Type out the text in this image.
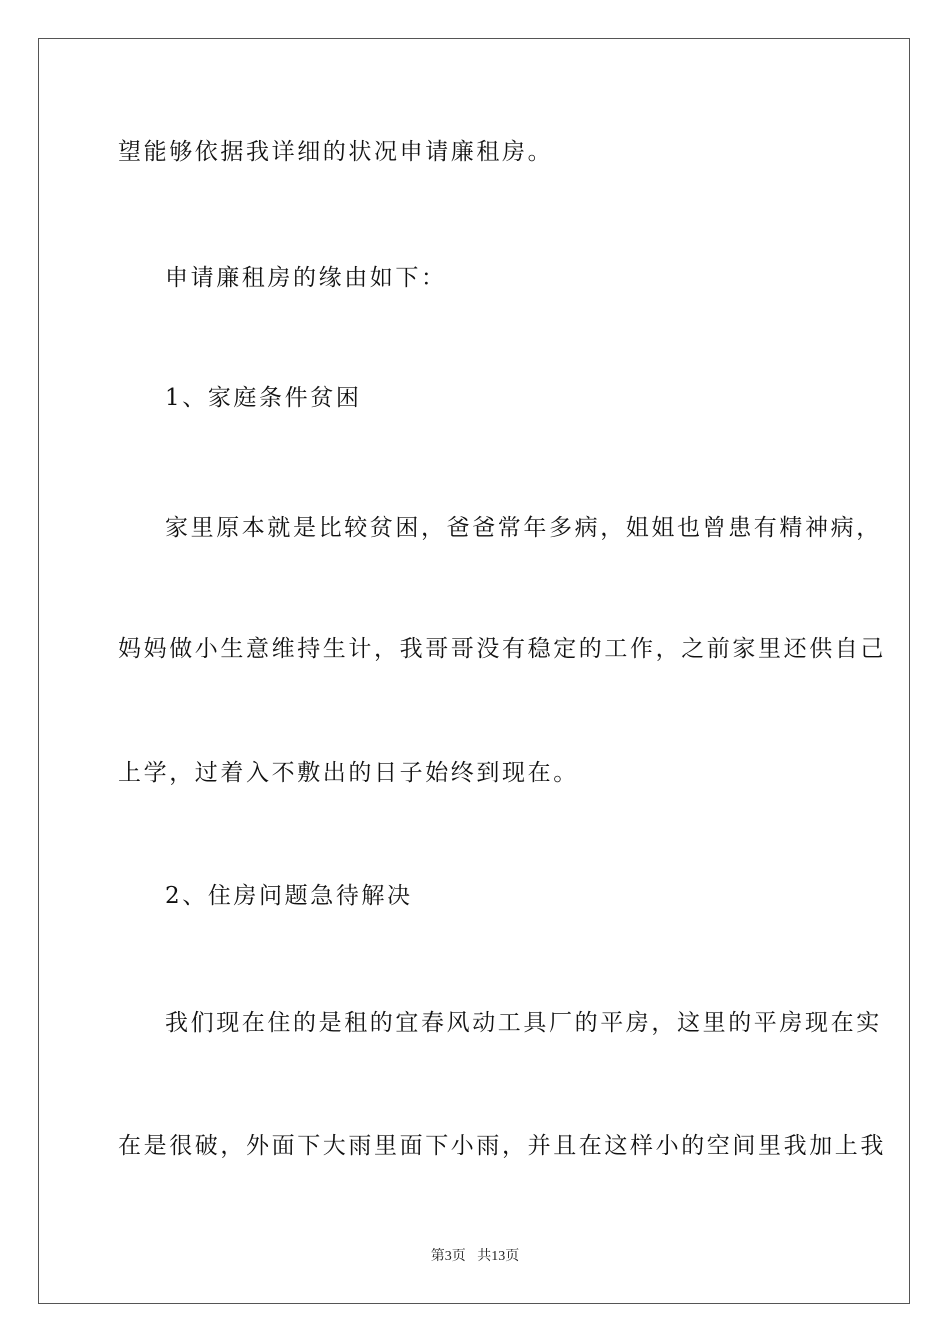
望能够依据我详细的状况申请廉租房。
申请廉租房的缘由如下：
1、家庭条件贫困
家里原本就是比较贫困，爸爸常年多病，姐姐也曾患有精神病，
妈妈做小生意维持生计，我哥哥没有稳定的工作，之前家里还供自己
上学，过着入不敷出的日子始终到现在。
2、住房问题急待解决
我们现在住的是租的宜春风动工具厂的平房，这里的平房现在实
在是很破，外面下大雨里面下小雨，并且在这样小的空间里我加上我
第3页 共13页
